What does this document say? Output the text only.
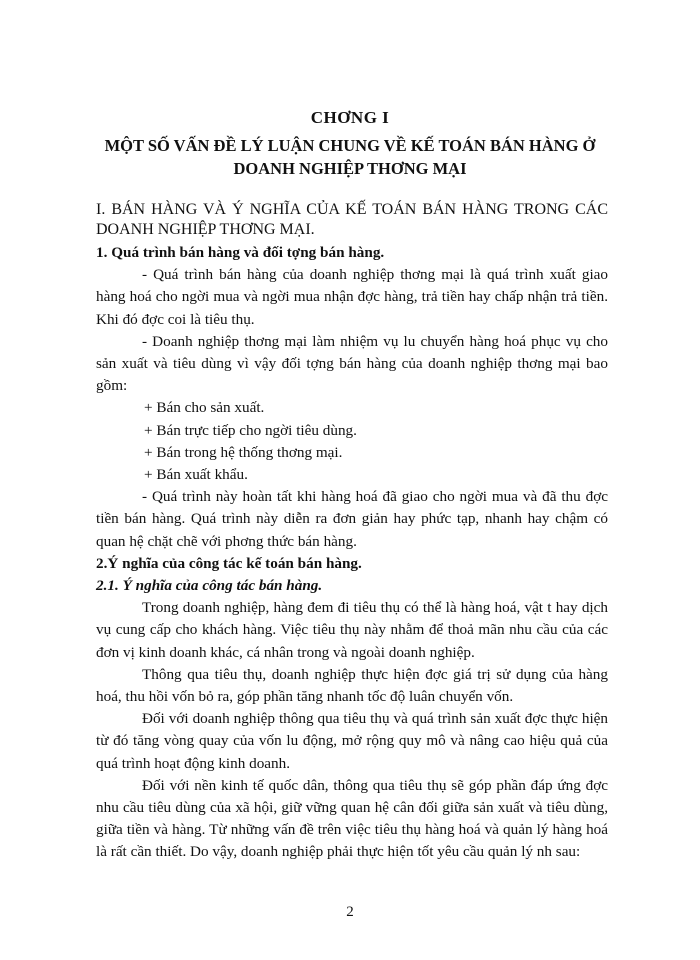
CHƠNG I
MỘT SỐ VẤN ĐỀ LÝ LUẬN CHUNG VỀ KẾ TOÁN BÁN HÀNG Ở
DOANH NGHIỆP THƠNG MẠI

I. BÁN HÀNG VÀ Ý NGHĨA CỦA KẾ TOÁN BÁN HÀNG TRONG CÁC DOANH NGHIỆP THƠNG MẠI.

1. Quá trình bán hàng và đối tợng bán hàng.

- Quá trình bán hàng của doanh nghiệp thơng mại là quá trình xuất giao hàng hoá cho ngời mua và ngời mua nhận đợc hàng, trả tiền hay chấp nhận trả tiền. Khi đó đợc coi là tiêu thụ.

- Doanh nghiệp thơng mại làm nhiệm vụ lu chuyển hàng hoá phục vụ cho sản xuất và tiêu dùng vì vậy đối tợng bán hàng của doanh nghiệp thơng mại bao gồm:

+ Bán cho sản xuất.

+ Bán trực tiếp cho ngời tiêu dùng.

+ Bán trong hệ thống thơng mại.

+ Bán xuất khẩu.

- Quá trình này hoàn tất khi hàng hoá đã giao cho ngời mua và đã thu đợc tiền bán hàng. Quá trình này diễn ra đơn giản hay phức tạp, nhanh hay chậm có quan hệ chặt chẽ với phơng thức bán hàng.

2.Ý nghĩa của công tác kế toán bán hàng.

2.1. Ý nghĩa của công tác bán hàng.

Trong doanh nghiệp, hàng đem đi tiêu thụ có thể là hàng hoá, vật t hay dịch vụ cung cấp cho khách hàng. Việc tiêu thụ này nhằm để thoả mãn nhu cầu của các đơn vị kinh doanh khác, cá nhân trong và ngoài doanh nghiệp.

Thông qua tiêu thụ, doanh nghiệp thực hiện đợc giá trị sử dụng của hàng hoá, thu hồi vốn bỏ ra, góp phần tăng nhanh tốc độ luân chuyển vốn.

Đối với doanh nghiệp thông qua tiêu thụ và quá trình sản xuất đợc thực hiện từ đó tăng vòng quay của vốn lu động, mở rộng quy mô và nâng cao hiệu quả của quá trình hoạt động kinh doanh.

Đối với nền kinh tế quốc dân, thông qua tiêu thụ sẽ góp phần đáp ứng đợc nhu cầu tiêu dùng của xã hội, giữ vững quan hệ cân đối giữa sản xuất và tiêu dùng, giữa tiền và hàng. Từ những vấn đề trên việc tiêu thụ hàng hoá và quản lý hàng hoá là rất cần thiết. Do vậy, doanh nghiệp phải thực hiện tốt yêu cầu quản lý nh sau:

2
